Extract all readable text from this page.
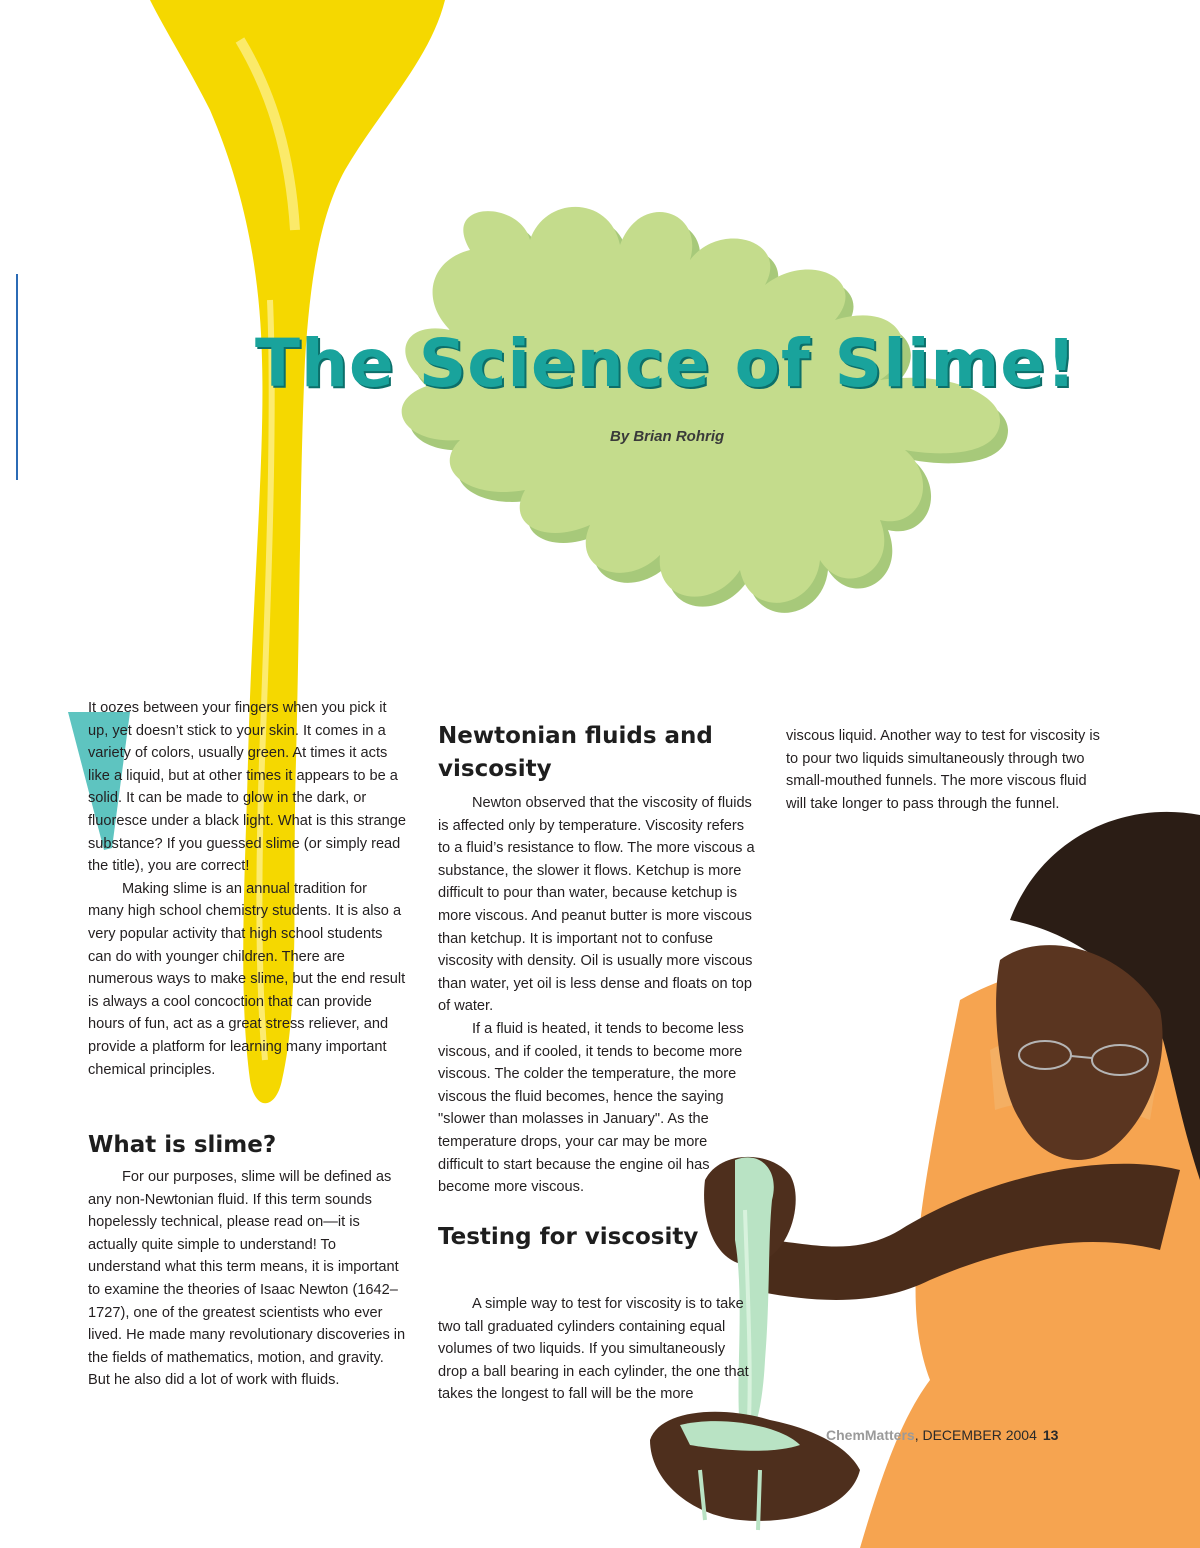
The Science of Slime!
By Brian Rohrig

It oozes between your fingers when you pick it up, yet doesn’t stick to your skin. It comes in a variety of colors, usually green. At times it acts like a liquid, but at other times it appears to be a solid. It can be made to glow in the dark, or fluoresce under a black light. What is this strange substance? If you guessed slime (or simply read the title), you are correct!

Making slime is an annual tradition for many high school chemistry students. It is also a very popular activity that high school students can do with younger children. There are numerous ways to make slime, but the end result is always a cool concoction that can provide hours of fun, act as a great stress reliever, and provide a platform for learning many important chemical principles.

What is slime?

For our purposes, slime will be defined as any non-Newtonian fluid. If this term sounds hopelessly technical, please read on—it is actually quite simple to understand! To understand what this term means, it is important to examine the theories of Isaac Newton (1642–1727), one of the greatest scientists who ever lived. He made many revolutionary discoveries in the fields of mathematics, motion, and gravity. But he also did a lot of work with fluids.

Newtonian fluids and viscosity

Newton observed that the viscosity of fluids is affected only by temperature. Viscosity refers to a fluid’s resistance to flow. The more viscous a substance, the slower it flows. Ketchup is more difficult to pour than water, because ketchup is more viscous. And peanut butter is more viscous than ketchup. It is important not to confuse viscosity with density. Oil is usually more viscous than water, yet oil is less dense and floats on top of water.

If a fluid is heated, it tends to become less viscous, and if cooled, it tends to become more viscous. The colder the temperature, the more viscous the fluid becomes, hence the saying "slower than molasses in January". As the temperature drops, your car may be more difficult to start because the engine oil has become more viscous.

Testing for viscosity

A simple way to test for viscosity is to take two tall graduated cylinders containing equal volumes of two liquids. If you simultaneously drop a ball bearing in each cylinder, the one that takes the longest to fall will be the more

viscous liquid. Another way to test for viscosity is to pour two liquids simultaneously through two small-mouthed funnels. The more viscous fluid will take longer to pass through the funnel.

ChemMatters, DECEMBER 2004 13
